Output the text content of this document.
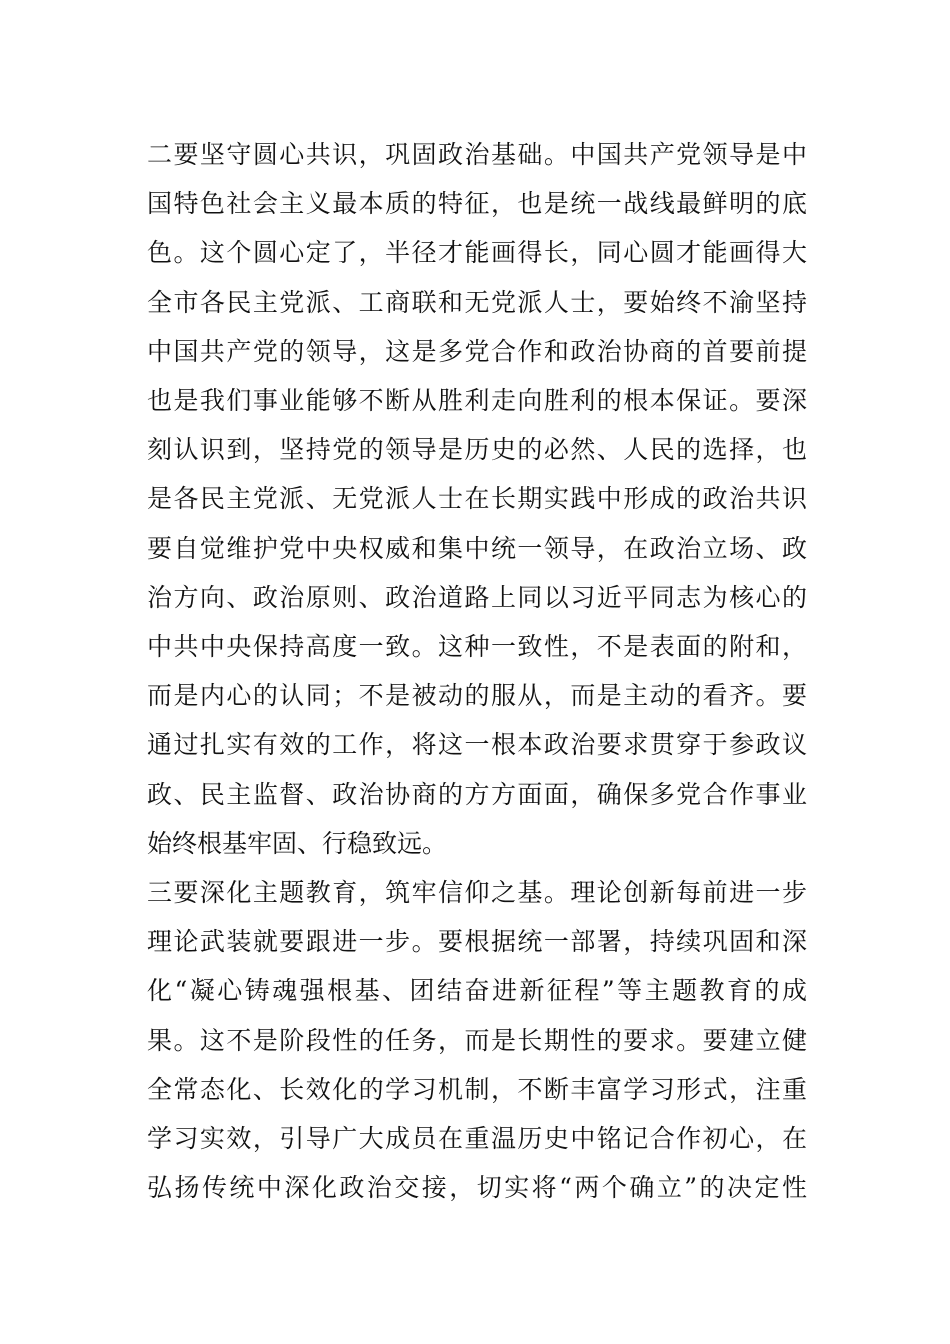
二要坚守圆心共识，巩固政治基础。中国共产党领导是中
国特色社会主义最本质的特征，也是统一战线最鲜明的底
色。这个圆心定了，半径才能画得长，同心圆才能画得大
全市各民主党派、工商联和无党派人士，要始终不渝坚持
中国共产党的领导，这是多党合作和政治协商的首要前提
也是我们事业能够不断从胜利走向胜利的根本保证。要深
刻认识到，坚持党的领导是历史的必然、人民的选择，也
是各民主党派、无党派人士在长期实践中形成的政治共识
要自觉维护党中央权威和集中统一领导，在政治立场、政
治方向、政治原则、政治道路上同以习近平同志为核心的
中共中央保持高度一致。这种一致性，不是表面的附和，
而是内心的认同；不是被动的服从，而是主动的看齐。要
通过扎实有效的工作，将这一根本政治要求贯穿于参政议
政、民主监督、政治协商的方方面面，确保多党合作事业
始终根基牢固、行稳致远。
三要深化主题教育，筑牢信仰之基。理论创新每前进一步
理论武装就要跟进一步。要根据统一部署，持续巩固和深
化“凝心铸魂强根基、团结奋进新征程”等主题教育的成
果。这不是阶段性的任务，而是长期性的要求。要建立健
全常态化、长效化的学习机制，不断丰富学习形式，注重
学习实效，引导广大成员在重温历史中铭记合作初心，在
弘扬传统中深化政治交接，切实将“两个确立”的决定性
